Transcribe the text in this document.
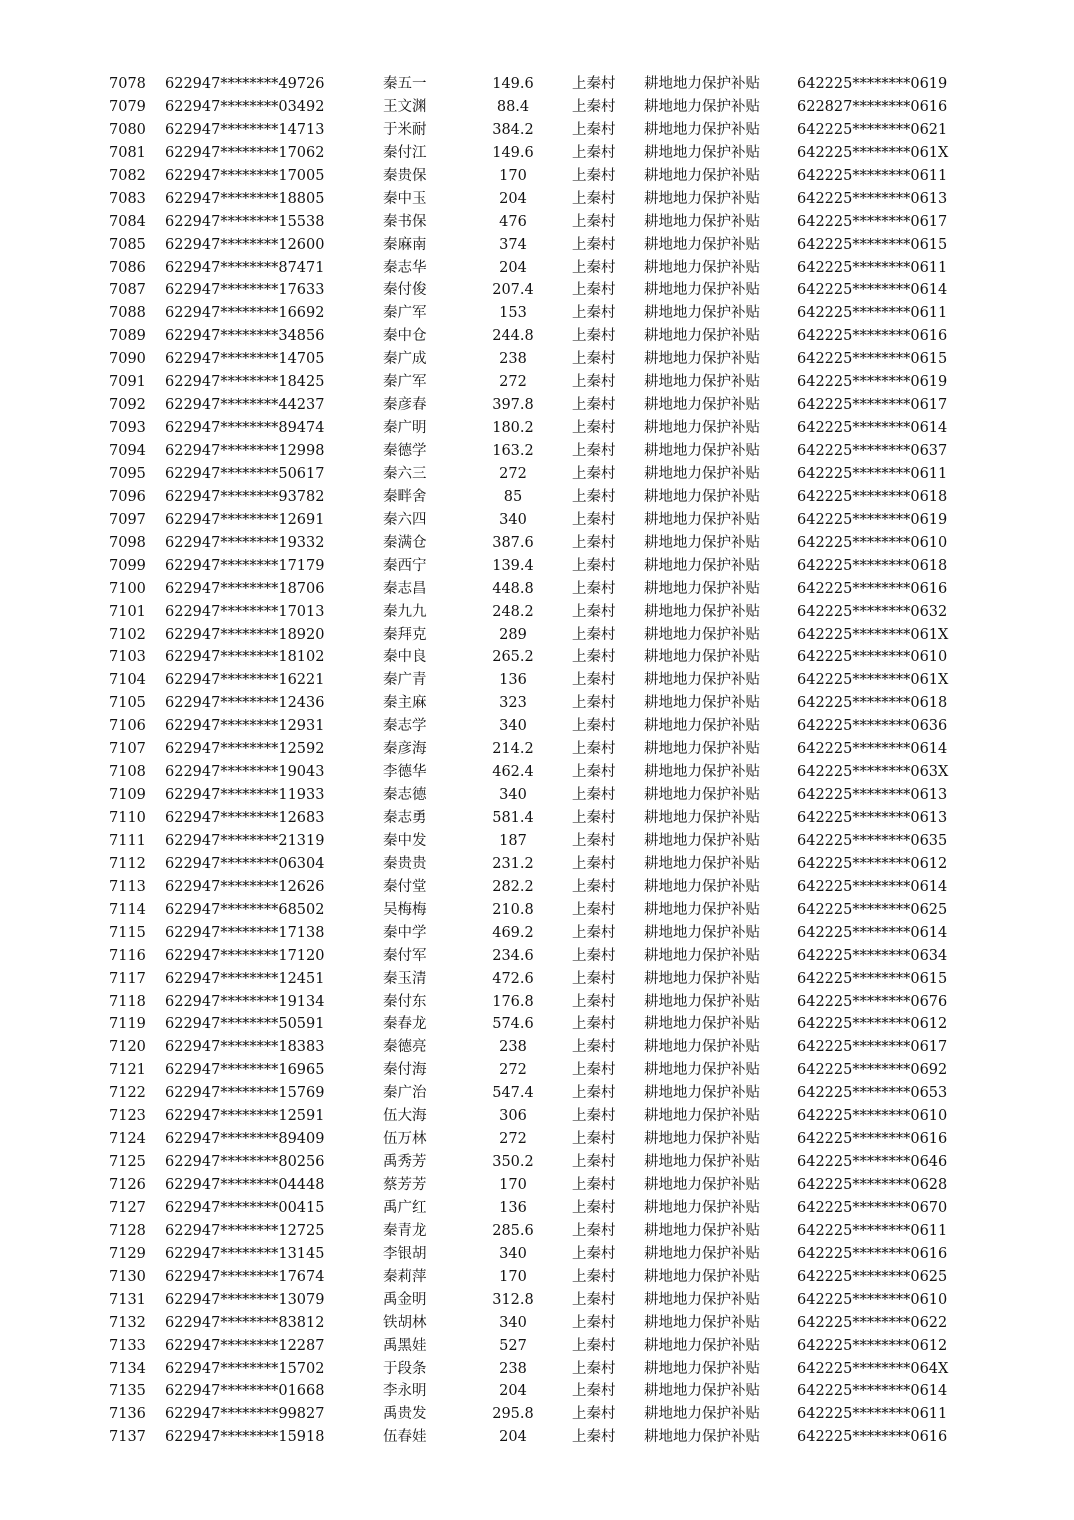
7078 622947********49726	秦五一	149.6	上秦村 耕地地力保护补贴	642225********0619
7079 622947********03492	王文渊	88.4	上秦村 耕地地力保护补贴	622827********0616
7080 622947********14713	于米耐	384.2	上秦村 耕地地力保护补贴	642225********0621
7081 622947********17062	秦付江	149.6	上秦村 耕地地力保护补贴	642225********061X
7082 622947********17005	秦贵保	170	上秦村 耕地地力保护补贴	642225********0611
7083 622947********18805	秦中玉	204	上秦村 耕地地力保护补贴	642225********0613
7084 622947********15538	秦书保	476	上秦村 耕地地力保护补贴	642225********0617
7085 622947********12600	秦麻南	374	上秦村 耕地地力保护补贴	642225********0615
7086 622947********87471	秦志华	204	上秦村 耕地地力保护补贴	642225********0611
7087 622947********17633	秦付俊	207.4	上秦村 耕地地力保护补贴	642225********0614
7088 622947********16692	秦广军	153	上秦村 耕地地力保护补贴	642225********0611
7089 622947********34856	秦中仓	244.8	上秦村 耕地地力保护补贴	642225********0616
7090 622947********14705	秦广成	238	上秦村 耕地地力保护补贴	642225********0615
7091 622947********18425	秦广军	272	上秦村 耕地地力保护补贴	642225********0619
7092 622947********44237	秦彦春	397.8	上秦村 耕地地力保护补贴	642225********0617
7093 622947********89474	秦广明	180.2	上秦村 耕地地力保护补贴	642225********0614
7094 622947********12998	秦德学	163.2	上秦村 耕地地力保护补贴	642225********0637
7095 622947********50617	秦六三	272	上秦村 耕地地力保护补贴	642225********0611
7096 622947********93782	秦畔舍	85	上秦村 耕地地力保护补贴	642225********0618
7097 622947********12691	秦六四	340	上秦村 耕地地力保护补贴	642225********0619
7098 622947********19332	秦满仓	387.6	上秦村 耕地地力保护补贴	642225********0610
7099 622947********17179	秦西宁	139.4	上秦村 耕地地力保护补贴	642225********0618
7100 622947********18706	秦志昌	448.8	上秦村 耕地地力保护补贴	642225********0616
7101 622947********17013	秦九九	248.2	上秦村 耕地地力保护补贴	642225********0632
7102 622947********18920	秦拜克	289	上秦村 耕地地力保护补贴	642225********061X
7103 622947********18102	秦中良	265.2	上秦村 耕地地力保护补贴	642225********0610
7104 622947********16221	秦广青	136	上秦村 耕地地力保护补贴	642225********061X
7105 622947********12436	秦主麻	323	上秦村 耕地地力保护补贴	642225********0618
7106 622947********12931	秦志学	340	上秦村 耕地地力保护补贴	642225********0636
7107 622947********12592	秦彦海	214.2	上秦村 耕地地力保护补贴	642225********0614
7108 622947********19043	李德华	462.4	上秦村 耕地地力保护补贴	642225********063X
7109 622947********11933	秦志德	340	上秦村 耕地地力保护补贴	642225********0613
7110 622947********12683	秦志勇	581.4	上秦村 耕地地力保护补贴	642225********0613
7111 622947********21319	秦中发	187	上秦村 耕地地力保护补贴	642225********0635
7112 622947********06304	秦贵贵	231.2	上秦村 耕地地力保护补贴	642225********0612
7113 622947********12626	秦付堂	282.2	上秦村 耕地地力保护补贴	642225********0614
7114 622947********68502	吴梅梅	210.8	上秦村 耕地地力保护补贴	642225********0625
7115 622947********17138	秦中学	469.2	上秦村 耕地地力保护补贴	642225********0614
7116 622947********17120	秦付军	234.6	上秦村 耕地地力保护补贴	642225********0634
7117 622947********12451	秦玉清	472.6	上秦村 耕地地力保护补贴	642225********0615
7118 622947********19134	秦付东	176.8	上秦村 耕地地力保护补贴	642225********0676
7119 622947********50591	秦春龙	574.6	上秦村 耕地地力保护补贴	642225********0612
7120 622947********18383	秦德亮	238	上秦村 耕地地力保护补贴	642225********0617
7121 622947********16965	秦付海	272	上秦村 耕地地力保护补贴	642225********0692
7122 622947********15769	秦广治	547.4	上秦村 耕地地力保护补贴	642225********0653
7123 622947********12591	伍大海	306	上秦村 耕地地力保护补贴	642225********0610
7124 622947********89409	伍万林	272	上秦村 耕地地力保护补贴	642225********0616
7125 622947********80256	禹秀芳	350.2	上秦村 耕地地力保护补贴	642225********0646
7126 622947********04448	蔡芳芳	170	上秦村 耕地地力保护补贴	642225********0628
7127 622947********00415	禹广红	136	上秦村 耕地地力保护补贴	642225********0670
7128 622947********12725	秦青龙	285.6	上秦村 耕地地力保护补贴	642225********0611
7129 622947********13145	李银胡	340	上秦村 耕地地力保护补贴	642225********0616
7130 622947********17674	秦莉萍	170	上秦村 耕地地力保护补贴	642225********0625
7131 622947********13079	禹金明	312.8	上秦村 耕地地力保护补贴	642225********0610
7132 622947********83812	铁胡林	340	上秦村 耕地地力保护补贴	642225********0622
7133 622947********12287	禹黑娃	527	上秦村 耕地地力保护补贴	642225********0612
7134 622947********15702	于段条	238	上秦村 耕地地力保护补贴	642225********064X
7135 622947********01668	李永明	204	上秦村 耕地地力保护补贴	642225********0614
7136 622947********99827	禹贵发	295.8	上秦村 耕地地力保护补贴	642225********0611
7137 622947********15918	伍春娃	204	上秦村 耕地地力保护补贴	642225********0616
